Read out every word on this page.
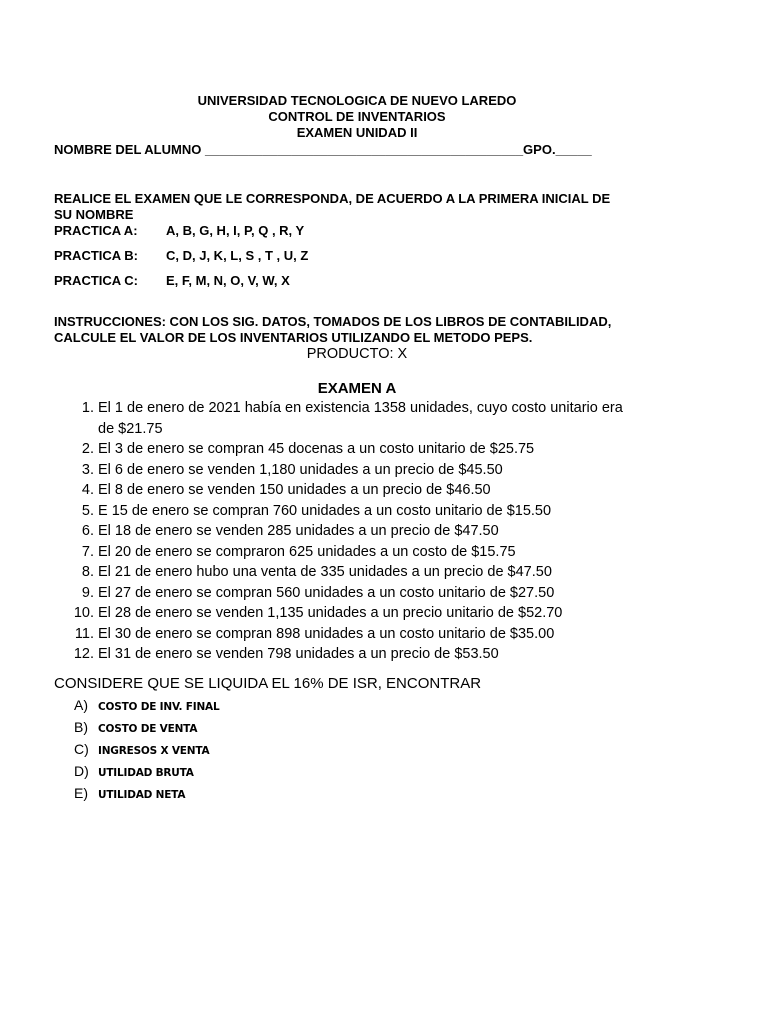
UNIVERSIDAD TECNOLOGICA DE NUEVO LAREDO
CONTROL DE INVENTARIOS
EXAMEN UNIDAD II
NOMBRE DEL ALUMNO ____________________________________________GPO._____
REALICE EL EXAMEN QUE LE CORRESPONDA, DE ACUERDO A LA PRIMERA INICIAL DE
SU NOMBRE
PRACTICA A: A, B, G, H, I, P, Q , R, Y
PRACTICA B: C, D, J, K, L, S , T , U, Z
PRACTICA C: E, F, M, N, O, V, W, X
INSTRUCCIONES: CON LOS SIG. DATOS, TOMADOS DE LOS LIBROS DE CONTABILIDAD,
CALCULE EL VALOR DE LOS INVENTARIOS UTILIZANDO EL METODO PEPS.
PRODUCTO: X
EXAMEN A
1. El 1 de enero de 2021 había en existencia 1358 unidades, cuyo costo unitario era
de $21.75
2. El 3 de enero se compran 45 docenas a un costo unitario de $25.75
3. El 6 de enero se venden 1,180 unidades a un precio de $45.50
4. El 8 de enero se venden 150 unidades a un precio de $46.50
5. E 15 de enero se compran 760 unidades a un costo unitario de $15.50
6. El 18 de enero se venden 285 unidades a un precio de $47.50
7. El 20 de enero se compraron 625 unidades a un costo de $15.75
8. El 21 de enero hubo una venta de 335 unidades a un precio de $47.50
9. El 27 de enero se compran 560 unidades a un costo unitario de $27.50
10. El 28 de enero se venden 1,135 unidades a un precio unitario de $52.70
11. El 30 de enero se compran 898 unidades a un costo unitario de $35.00
12. El 31 de enero se venden 798 unidades a un precio de $53.50
CONSIDERE QUE SE LIQUIDA EL 16% DE ISR, ENCONTRAR
A) COSTO DE INV. FINAL
B) COSTO DE VENTA
C) INGRESOS X VENTA
D) UTILIDAD BRUTA
E) UTILIDAD NETA
